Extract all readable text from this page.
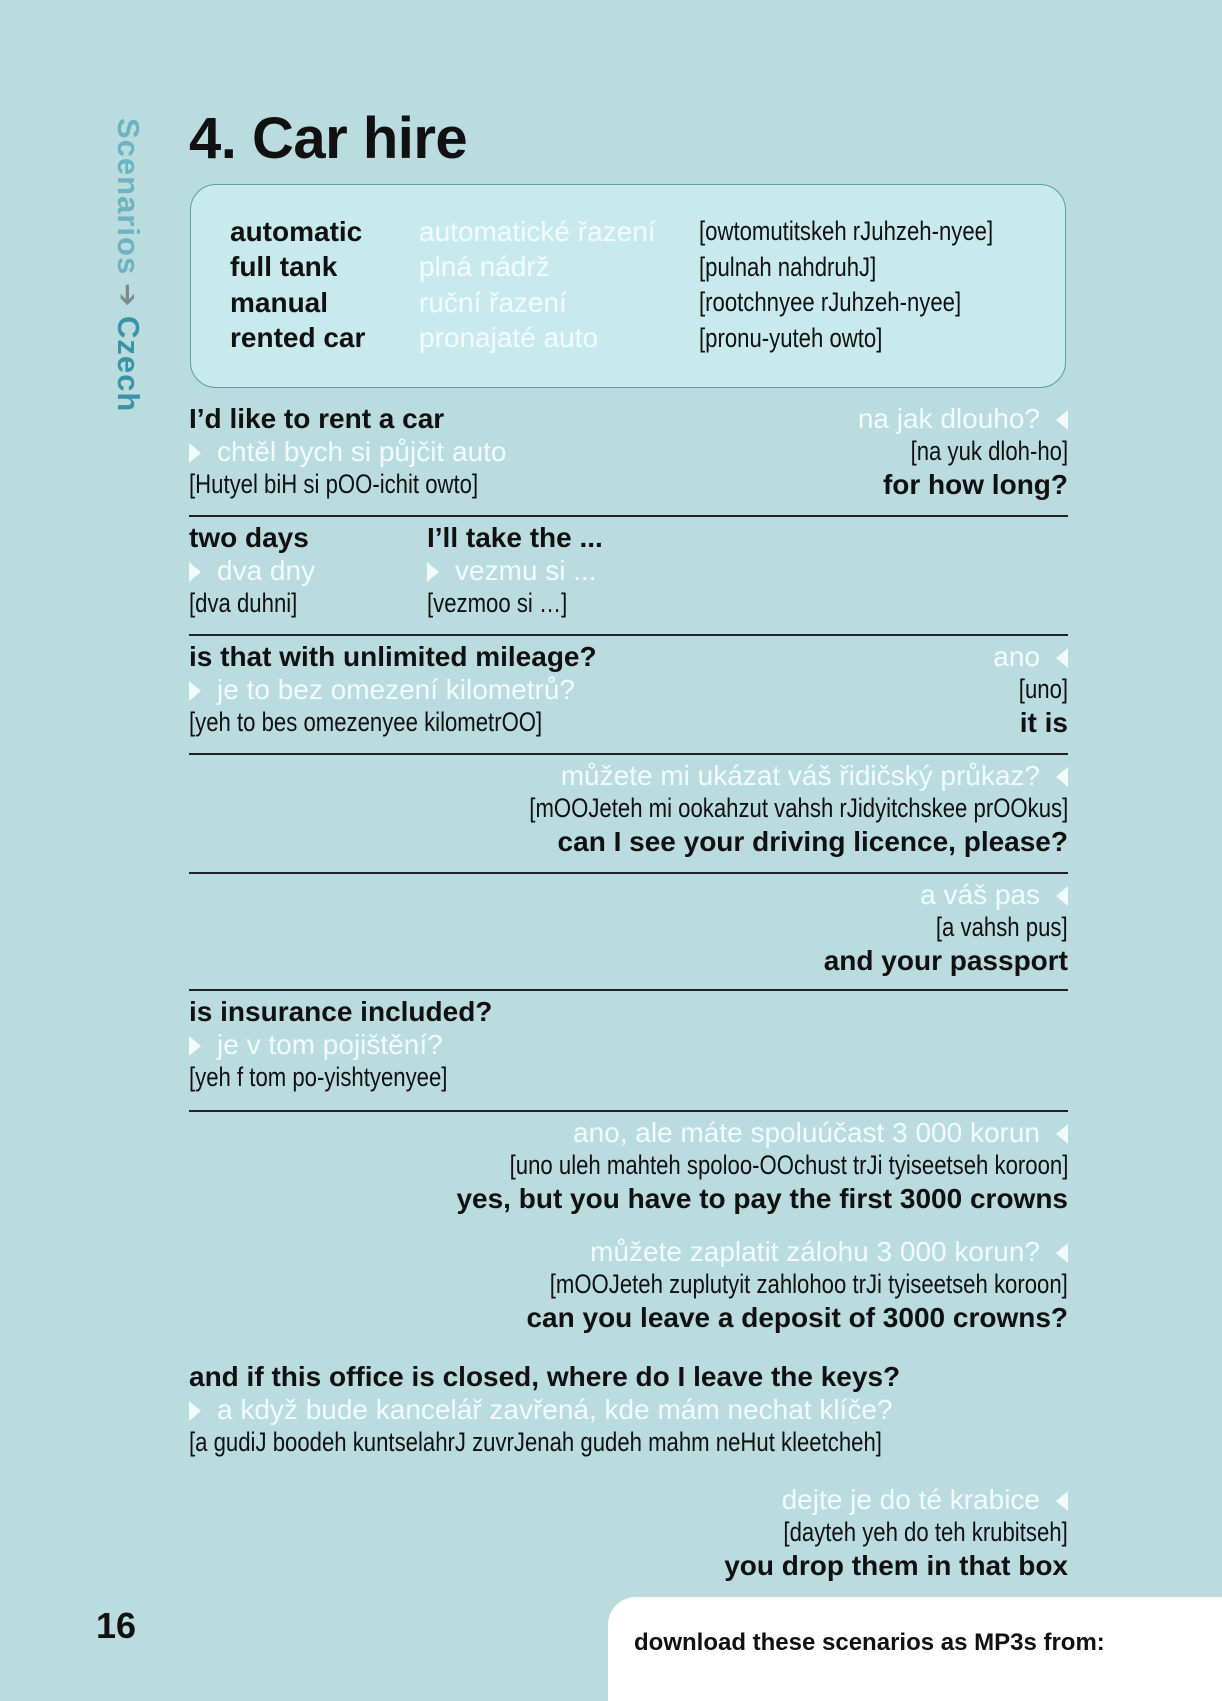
Scenarios
➔
Czech
4. Car hire
automatic	automatické řazení	[owtomutitskeh rJuhzeh-nyee]
full tank	plná nádrž	[pulnah nahdruhJ]
manual	ruční řazení	[rootchnyee rJuhzeh-nyee]
rented car	pronajaté auto	[pronu-yuteh owto]
I’d like to rent a car
chtěl bych si půjčit auto
[Hutyel biH si pOO-ichit owto]
na jak dlouho?
[na yuk dloh-ho]
for how long?
two days
dva dny
[dva duhni]
I’ll take the ...
vezmu si ...
[vezmoo si …]
is that with unlimited mileage?
je to bez omezení kilometrů?
[yeh to bes omezenyee kilometrOO]
ano
[uno]
it is
můžete mi ukázat váš řidičský průkaz?
[mOOJeteh mi ookahzut vahsh rJidyitchskee prOOkus]
can I see your driving licence, please?
a váš pas
[a vahsh pus]
and your passport
is insurance included?
je v tom pojištění?
[yeh f tom po-yishtyenyee]
ano, ale máte spoluúčast 3 000 korun
[uno uleh mahteh spoloo-OOchust trJi tyiseetseh koroon]
yes, but you have to pay the first 3000 crowns
můžete zaplatit zálohu 3 000 korun?
[mOOJeteh zuplutyit zahlohoo trJi tyiseetseh koroon]
can you leave a deposit of 3000 crowns?
and if this office is closed, where do I leave the keys?
a když bude kancelář zavřená, kde mám nechat klíče?
[a gudiJ boodeh kuntselahrJ zuvrJenah gudeh mahm neHut kleetcheh]
dejte je do té krabice
[dayteh yeh do teh krubitseh]
you drop them in that box
16	download these scenarios as MP3s from:
